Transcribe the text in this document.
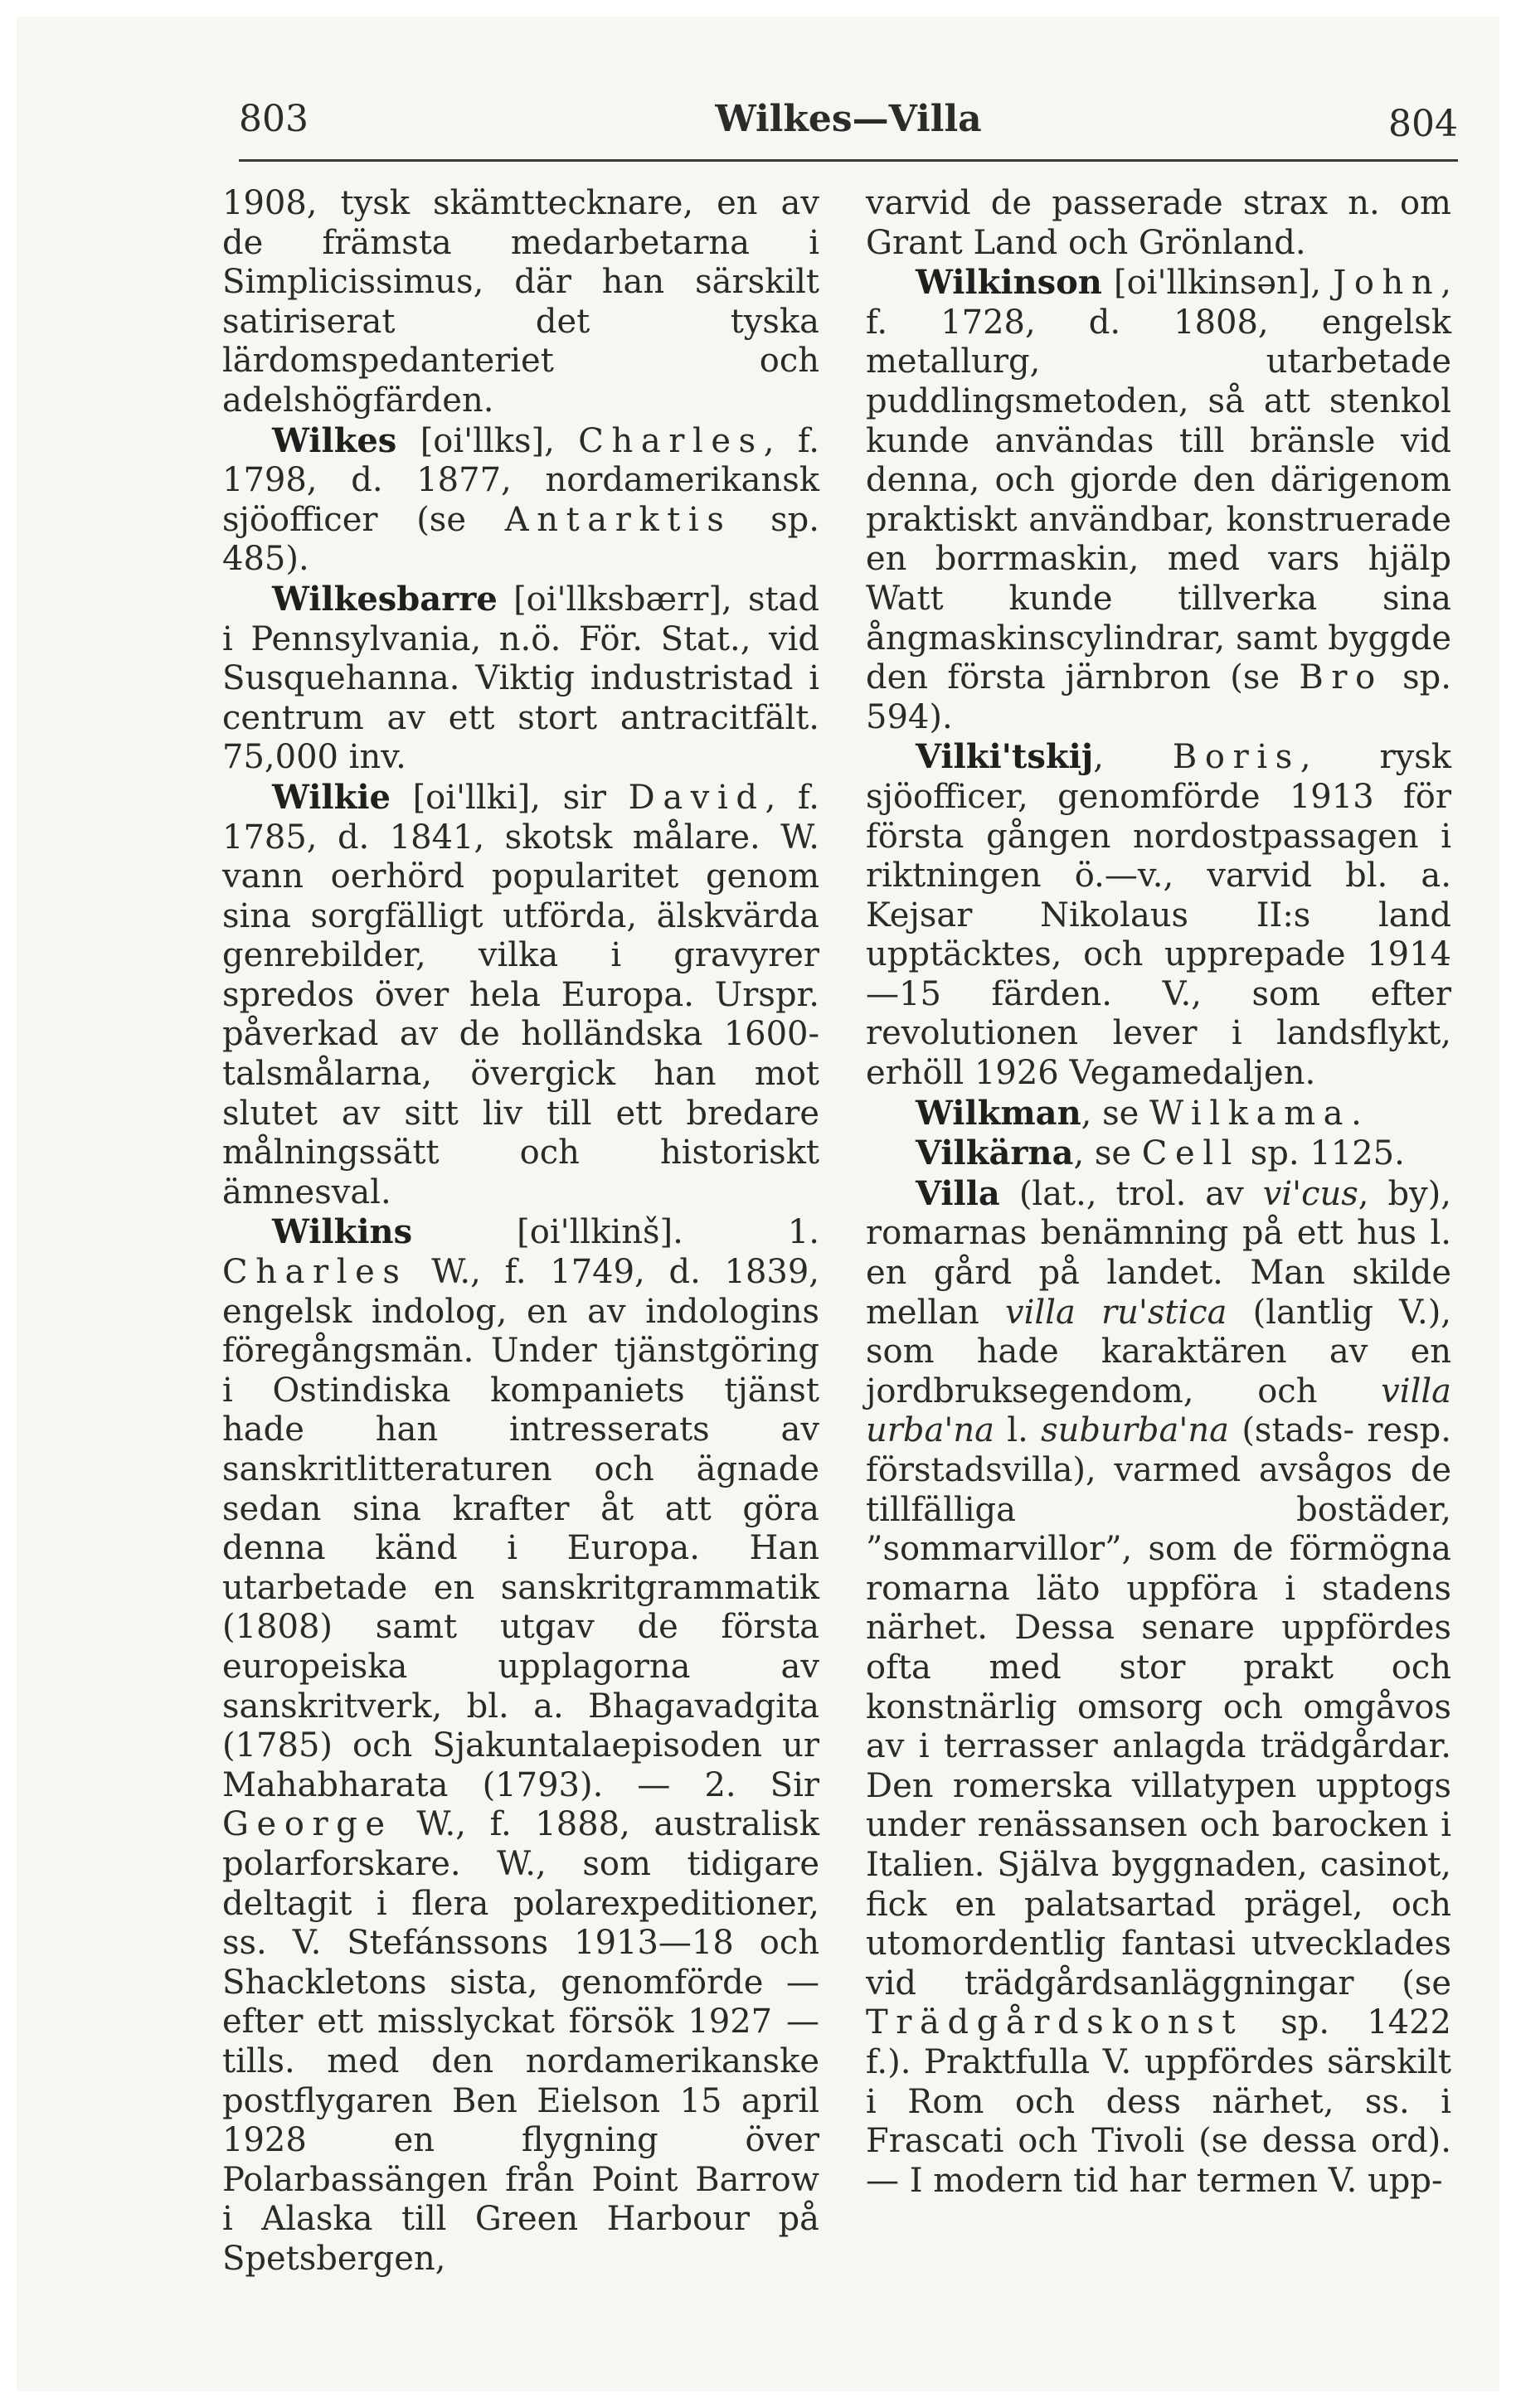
803	Wilkes—Villa	804

1908, tysk skämttecknare, en av de främsta medarbetarna i Simplicissimus, där han särskilt satiriserat det tyska lärdomspedanteriet och adelshögfärden.

Wilkes [oi'llks], Charles, f. 1798, d. 1877, nordamerikansk sjöofficer (se Antarktis sp. 485).

Wilkesbarre [oi'llksbærr], stad i Pennsylvania, n.ö. För. Stat., vid Susquehanna. Viktig industristad i centrum av ett stort antracitfält. 75,000 inv.

Wilkie [oi'llki], sir David, f. 1785, d. 1841, skotsk målare. W. vann oerhörd popularitet genom sina sorgfälligt utförda, älskvärda genrebilder, vilka i gravyrer spredos över hela Europa. Urspr. påverkad av de holländska 1600-talsmålarna, övergick han mot slutet av sitt liv till ett bredare målningssätt och historiskt ämnesval.

Wilkins [oi'llkinš]. 1. Charles W., f. 1749, d. 1839, engelsk indolog, en av indologins föregångsmän. Under tjänstgöring i Ostindiska kompaniets tjänst hade han intresserats av sanskritlitteraturen och ägnade sedan sina krafter åt att göra denna känd i Europa. Han utarbetade en sanskritgrammatik (1808) samt utgav de första europeiska upplagorna av sanskritverk, bl. a. Bhagavadgita (1785) och Sjakuntalaepisoden ur Mahabharata (1793). — 2. Sir George W., f. 1888, australisk polarforskare. W., som tidigare deltagit i flera polarexpeditioner, ss. V. Stefánssons 1913—18 och Shackletons sista, genomförde — efter ett misslyckat försök 1927 — tills. med den nordamerikanske postflygaren Ben Eielson 15 april 1928 en flygning över Polarbassängen från Point Barrow i Alaska till Green Harbour på Spetsbergen,

varvid de passerade strax n. om Grant Land och Grönland.

Wilkinson [oi'llkinsən], John, f. 1728, d. 1808, engelsk metallurg, utarbetade puddlingsmetoden, så att stenkol kunde användas till bränsle vid denna, och gjorde den därigenom praktiskt användbar, konstruerade en borrmaskin, med vars hjälp Watt kunde tillverka sina ångmaskinscylindrar, samt byggde den första järnbron (se Bro sp. 594).

Vilki'tskij, Boris, rysk sjöofficer, genomförde 1913 för första gången nordostpassagen i riktningen ö.—v., varvid bl. a. Kejsar Nikolaus II:s land upptäcktes, och upprepade 1914—15 färden. V., som efter revolutionen lever i landsflykt, erhöll 1926 Vegamedaljen.

Wilkman, se Wilkama.

Vilkärna, se Cell sp. 1125.

Villa (lat., trol. av vi'cus, by), romarnas benämning på ett hus l. en gård på landet. Man skilde mellan villa ru'stica (lantlig V.), som hade karaktären av en jordbruksegendom, och villa urba'na l. suburba'na (stads- resp. förstadsvilla), varmed avsågos de tillfälliga bostäder, ”sommarvillor”, som de förmögna romarna läto uppföra i stadens närhet. Dessa senare uppfördes ofta med stor prakt och konstnärlig omsorg och omgåvos av i terrasser anlagda trädgårdar. Den romerska villatypen upptogs under renässansen och barocken i Italien. Själva byggnaden, casinot, fick en palatsartad prägel, och utomordentlig fantasi utvecklades vid trädgårdsanläggningar (se Trädgårdskonst sp. 1422 f.). Praktfulla V. uppfördes särskilt i Rom och dess närhet, ss. i Frascati och Tivoli (se dessa ord). — I modern tid har termen V. upp-
